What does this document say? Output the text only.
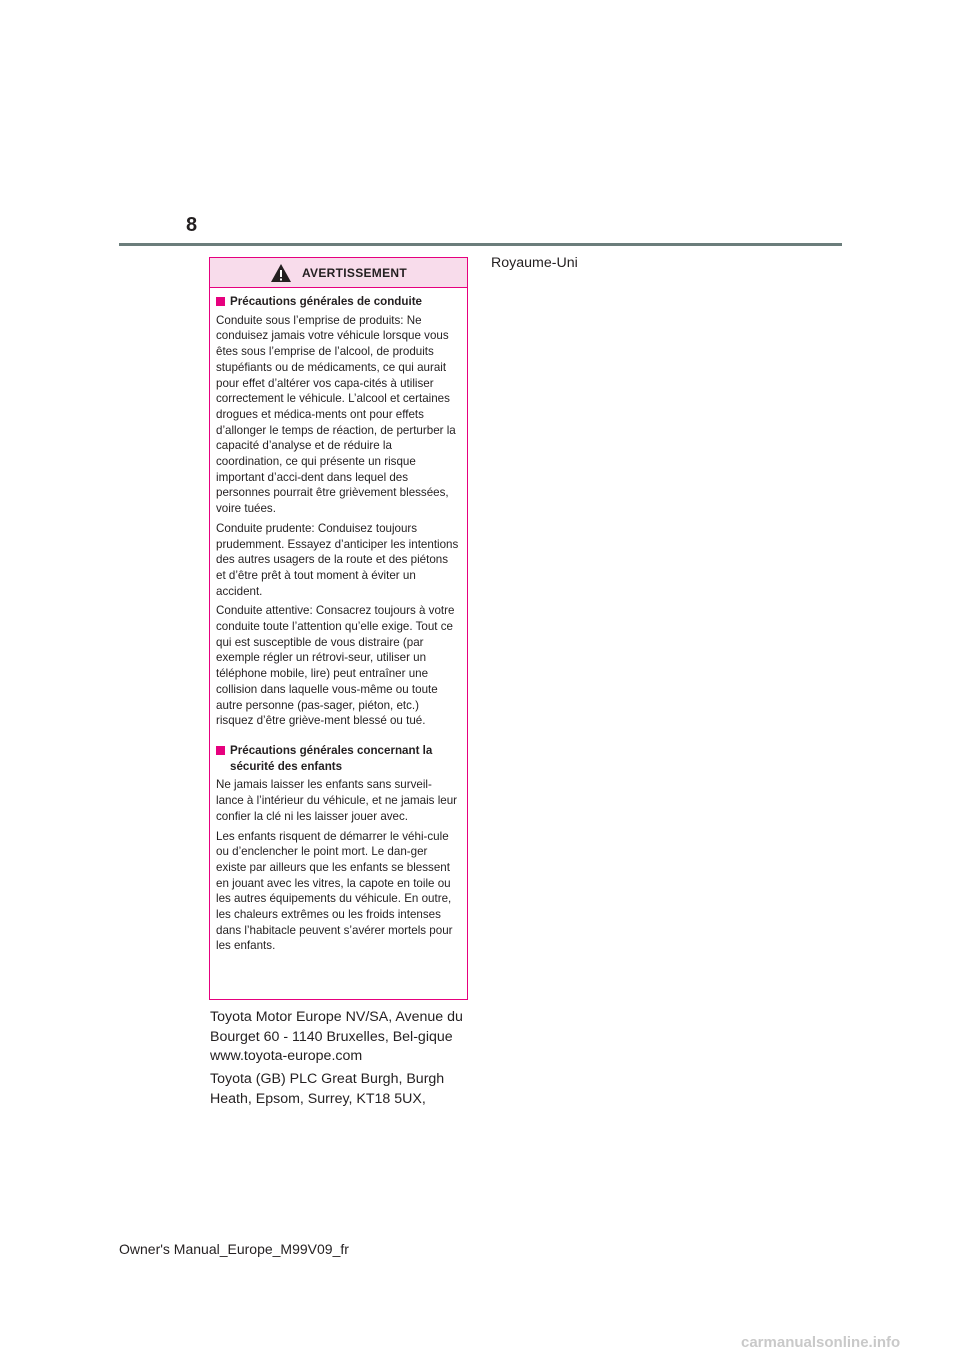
8
AVERTISSEMENT
Précautions générales de conduite

Conduite sous l’emprise de produits: Ne conduisez jamais votre véhicule lorsque vous êtes sous l’emprise de l’alcool, de produits stupéfiants ou de médicaments, ce qui aurait pour effet d’altérer vos capa-cités à utiliser correctement le véhicule. L’alcool et certaines drogues et médica-ments ont pour effets d’allonger le temps de réaction, de perturber la capacité d’analyse et de réduire la coordination, ce qui présente un risque important d’acci-dent dans lequel des personnes pourrait être grièvement blessées, voire tuées.

Conduite prudente: Conduisez toujours prudemment. Essayez d’anticiper les intentions des autres usagers de la route et des piétons et d’être prêt à tout moment à éviter un accident.

Conduite attentive: Consacrez toujours à votre conduite toute l’attention qu’elle exige. Tout ce qui est susceptible de vous distraire (par exemple régler un rétrovi-seur, utiliser un téléphone mobile, lire) peut entraîner une collision dans laquelle vous-même ou toute autre personne (pas-sager, piéton, etc.) risquez d’être griève-ment blessé ou tué.

Précautions générales concernant la sécurité des enfants

Ne jamais laisser les enfants sans surveil-lance à l’intérieur du véhicule, et ne jamais leur confier la clé ni les laisser jouer avec.

Les enfants risquent de démarrer le véhi-cule ou d’enclencher le point mort. Le dan-ger existe par ailleurs que les enfants se blessent en jouant avec les vitres, la capote en toile ou les autres équipements du véhicule. En outre, les chaleurs extrêmes ou les froids intenses dans l’habitacle peuvent s’avérer mortels pour les enfants.

Toyota Motor Europe NV/SA, Avenue du Bourget 60 - 1140 Bruxelles, Bel-gique www.toyota-europe.com

Toyota (GB) PLC Great Burgh, Burgh Heath, Epsom, Surrey, KT18 5UX,

Royaume-Uni
Owner's Manual_Europe_M99V09_fr
carmanualsonline.info
